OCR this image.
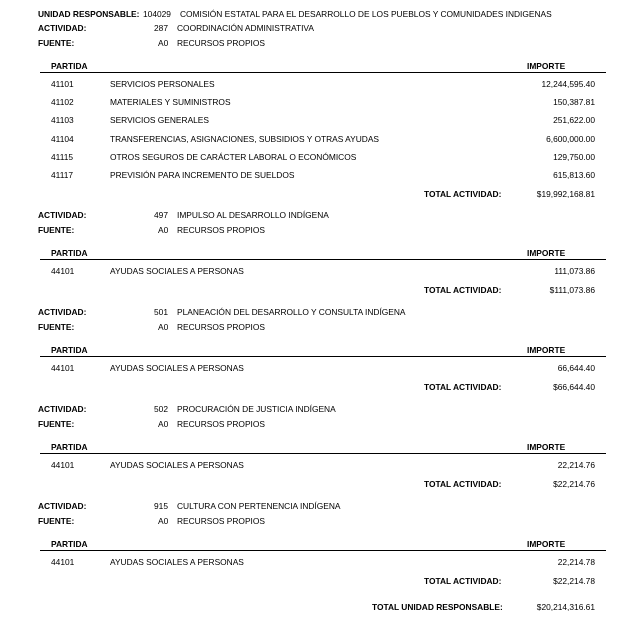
UNIDAD RESPONSABLE: 104029 COMISIÓN ESTATAL PARA EL DESARROLLO DE LOS PUEBLOS Y COMUNIDADES INDIGENAS
ACTIVIDAD:	287 COORDINACIÓN ADMINISTRATIVA
FUENTE:	A0 RECURSOS PROPIOS
PARTIDA	IMPORTE
41101	SERVICIOS PERSONALES	12,244,595.40
41102	MATERIALES Y SUMINISTROS	150,387.81
41103	SERVICIOS GENERALES	251,622.00
41104	TRANSFERENCIAS, ASIGNACIONES, SUBSIDIOS Y OTRAS AYUDAS	6,600,000.00
41115	OTROS SEGUROS DE CARÁCTER LABORAL O ECONÓMICOS	129,750.00
41117	PREVISIÓN PARA INCREMENTO DE SUELDOS	615,813.60
TOTAL ACTIVIDAD:	$19,992,168.81
ACTIVIDAD:	497 IMPULSO AL DESARROLLO INDÍGENA
FUENTE:	A0 RECURSOS PROPIOS
PARTIDA	IMPORTE
44101	AYUDAS SOCIALES A PERSONAS	111,073.86
TOTAL ACTIVIDAD:	$111,073.86
ACTIVIDAD:	501 PLANEACIÓN DEL DESARROLLO Y CONSULTA INDÍGENA
FUENTE:	A0 RECURSOS PROPIOS
PARTIDA	IMPORTE
44101	AYUDAS SOCIALES A PERSONAS	66,644.40
TOTAL ACTIVIDAD:	$66,644.40
ACTIVIDAD:	502 PROCURACIÓN DE JUSTICIA INDÍGENA
FUENTE:	A0 RECURSOS PROPIOS
PARTIDA	IMPORTE
44101	AYUDAS SOCIALES A PERSONAS	22,214.76
TOTAL ACTIVIDAD:	$22,214.76
ACTIVIDAD:	915 CULTURA CON PERTENENCIA INDÍGENA
FUENTE:	A0 RECURSOS PROPIOS
PARTIDA	IMPORTE
44101	AYUDAS SOCIALES A PERSONAS	22,214.78
TOTAL ACTIVIDAD:	$22,214.78
TOTAL UNIDAD RESPONSABLE:	$20,214,316.61
